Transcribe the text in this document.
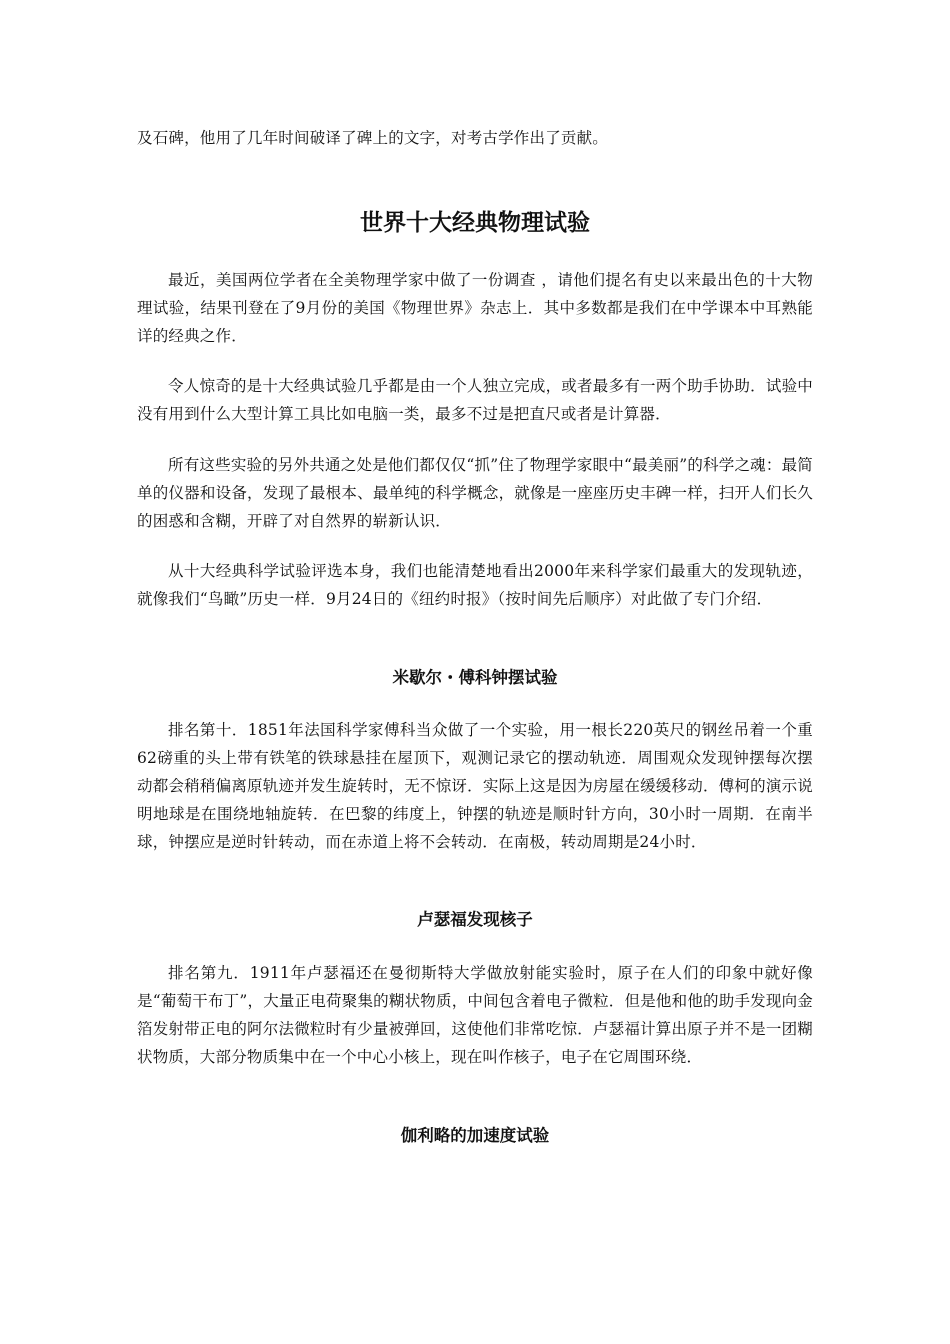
及石碑，他用了几年时间破译了碑上的文字，对考古学作出了贡献。

世界十大经典物理试验

最近，美国两位学者在全美物理学家中做了一份调查 ，请他们提名有史以来最出色的十大物理试验，结果刊登在了9月份的美国《物理世界》杂志上．其中多数都是我们在中学课本中耳熟能详的经典之作．

令人惊奇的是十大经典试验几乎都是由一个人独立完成，或者最多有一两个助手协助．试验中没有用到什么大型计算工具比如电脑一类，最多不过是把直尺或者是计算器．

所有这些实验的另外共通之处是他们都仅仅“抓”住了物理学家眼中“最美丽”的科学之魂：最简单的仪器和设备，发现了最根本、最单纯的科学概念，就像是一座座历史丰碑一样，扫开人们长久的困惑和含糊，开辟了对自然界的崭新认识．

从十大经典科学试验评选本身，我们也能清楚地看出2000年来科学家们最重大的发现轨迹，就像我们“鸟瞰”历史一样．9月24日的《纽约时报》（按时间先后顺序）对此做了专门介绍．

米歇尔・傅科钟摆试验

排名第十．1851年法国科学家傅科当众做了一个实验，用一根长220英尺的钢丝吊着一个重62磅重的头上带有铁笔的铁球悬挂在屋顶下，观测记录它的摆动轨迹．周围观众发现钟摆每次摆动都会稍稍偏离原轨迹并发生旋转时，无不惊讶．实际上这是因为房屋在缓缓移动．傅柯的演示说明地球是在围绕地轴旋转．在巴黎的纬度上，钟摆的轨迹是顺时针方向，30小时一周期．在南半球，钟摆应是逆时针转动，而在赤道上将不会转动．在南极，转动周期是24小时．

卢瑟福发现核子

排名第九．1911年卢瑟福还在曼彻斯特大学做放射能实验时，原子在人们的印象中就好像是“葡萄干布丁”，大量正电荷聚集的糊状物质，中间包含着电子微粒．但是他和他的助手发现向金箔发射带正电的阿尔法微粒时有少量被弹回，这使他们非常吃惊．卢瑟福计算出原子并不是一团糊状物质，大部分物质集中在一个中心小核上，现在叫作核子，电子在它周围环绕．

伽利略的加速度试验
